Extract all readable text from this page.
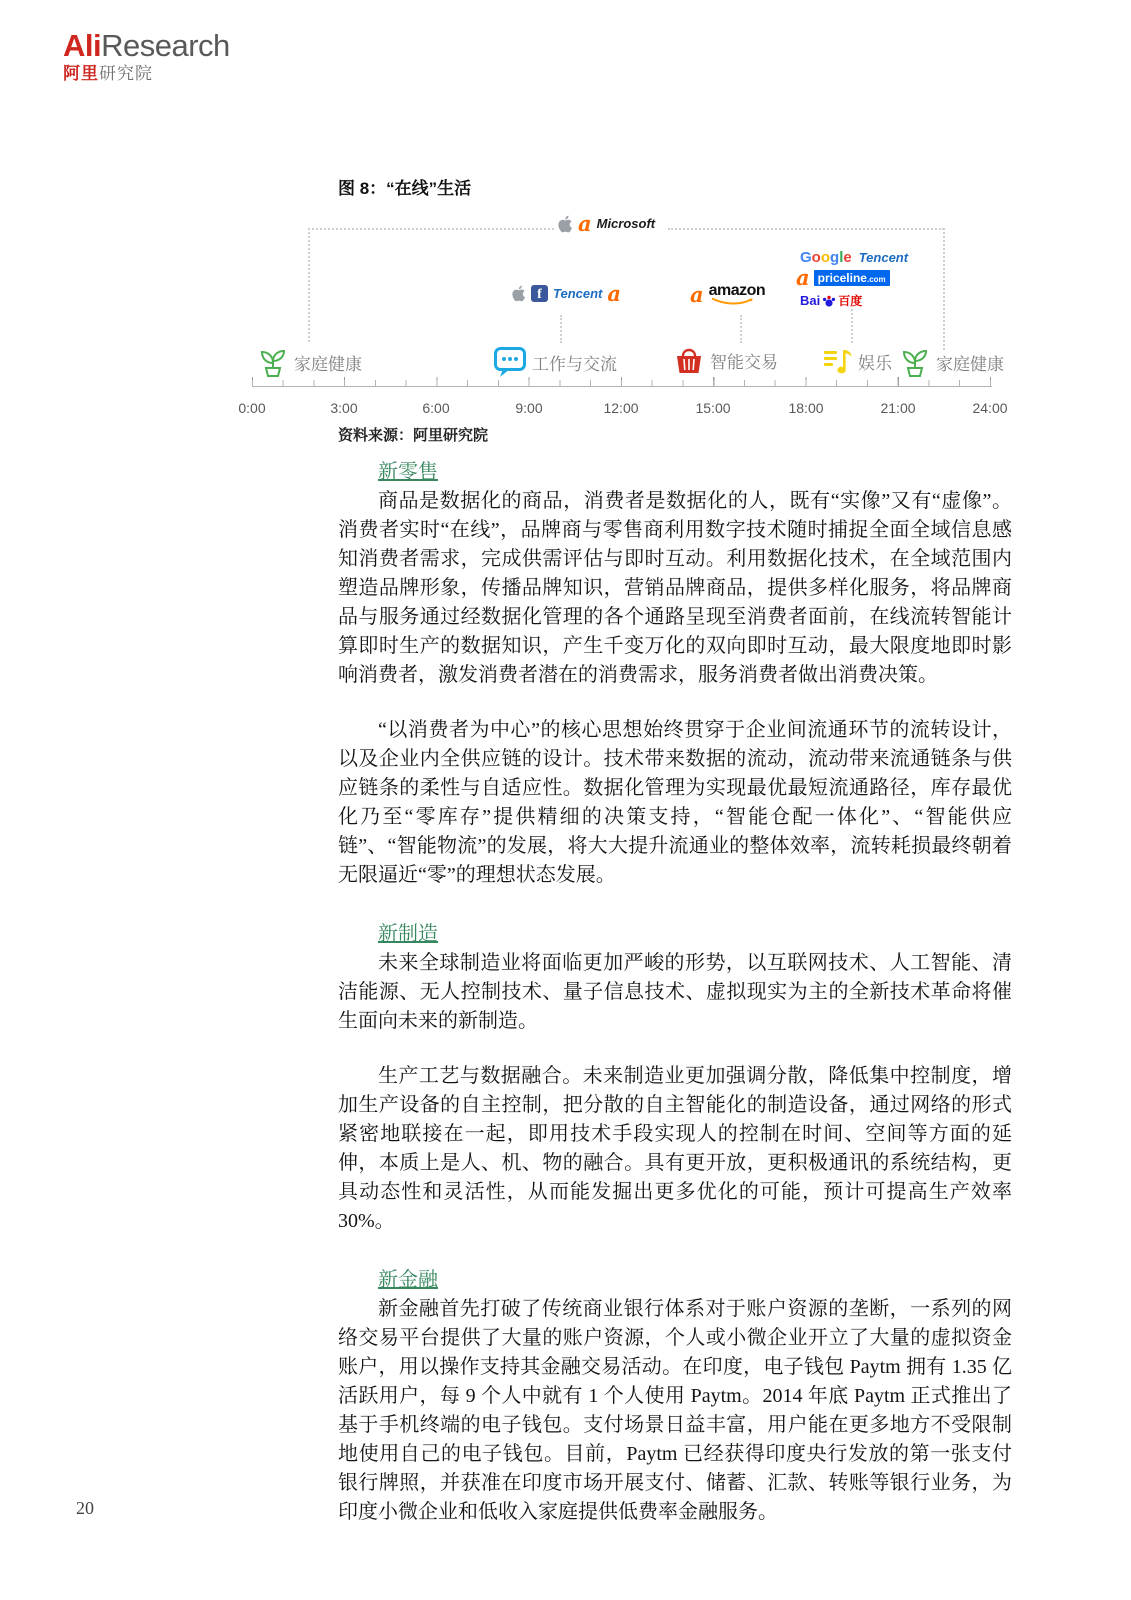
AliResearch
阿里研究院
图 8：“在线”生活
a Microsoft
f Tencent a	a amazon
Google Tencent
a priceline.com
Bai 百度
家庭健康	工作与交流	智能交易	娱乐	家庭健康
0:00	3:00	6:00	9:00	12:00	15:00	18:00	21:00	24:00
资料来源：阿里研究院
新零售

商品是数据化的商品，消费者是数据化的人，既有“实像”又有“虚像”。消费者实时“在线”，品牌商与零售商利用数字技术随时捕捉全面全域信息感知消费者需求，完成供需评估与即时互动。利用数据化技术，在全域范围内塑造品牌形象，传播品牌知识，营销品牌商品，提供多样化服务，将品牌商品与服务通过经数据化管理的各个通路呈现至消费者面前，在线流转智能计算即时生产的数据知识，产生千变万化的双向即时互动，最大限度地即时影响消费者，激发消费者潜在的消费需求，服务消费者做出消费决策。

“以消费者为中心”的核心思想始终贯穿于企业间流通环节的流转设计，以及企业内全供应链的设计。技术带来数据的流动，流动带来流通链条与供应链条的柔性与自适应性。数据化管理为实现最优最短流通路径，库存最优化乃至“零库存”提供精细的决策支持，“智能仓配一体化”、“智能供应链”、“智能物流”的发展，将大大提升流通业的整体效率，流转耗损最终朝着无限逼近“零”的理想状态发展。

新制造

未来全球制造业将面临更加严峻的形势，以互联网技术、人工智能、清洁能源、无人控制技术、量子信息技术、虚拟现实为主的全新技术革命将催生面向未来的新制造。

生产工艺与数据融合。未来制造业更加强调分散，降低集中控制度，增加生产设备的自主控制，把分散的自主智能化的制造设备，通过网络的形式紧密地联接在一起，即用技术手段实现人的控制在时间、空间等方面的延伸，本质上是人、机、物的融合。具有更开放，更积极通讯的系统结构，更具动态性和灵活性，从而能发掘出更多优化的可能，预计可提高生产效率 30%。

新金融

新金融首先打破了传统商业银行体系对于账户资源的垄断，一系列的网络交易平台提供了大量的账户资源，个人或小微企业开立了大量的虚拟资金账户，用以操作支持其金融交易活动。在印度，电子钱包 Paytm 拥有 1.35 亿活跃用户，每 9 个人中就有 1 个人使用 Paytm。2014 年底 Paytm 正式推出了基于手机终端的电子钱包。支付场景日益丰富，用户能在更多地方不受限制地使用自己的电子钱包。目前，Paytm 已经获得印度央行发放的第一张支付银行牌照，并获准在印度市场开展支付、储蓄、汇款、转账等银行业务，为印度小微企业和低收入家庭提供低费率金融服务。

20
